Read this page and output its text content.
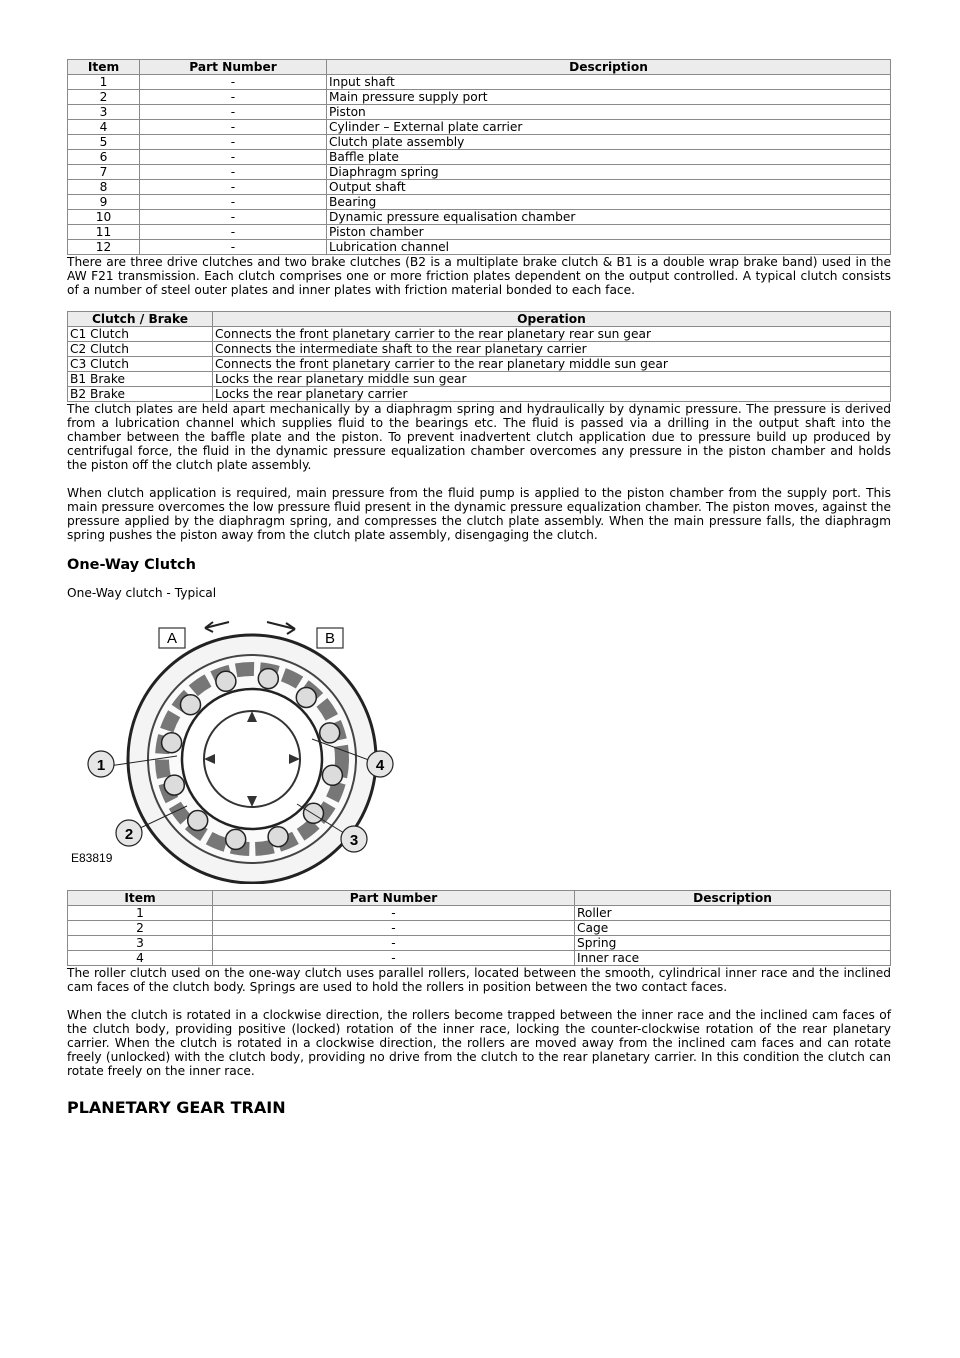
Item	Part Number	Description
1	-	Input shaft
2	-	Main pressure supply port
3	-	Piston
4	-	Cylinder – External plate carrier
5	-	Clutch plate assembly
6	-	Baffle plate
7	-	Diaphragm spring
8	-	Output shaft
9	-	Bearing
10	-	Dynamic pressure equalisation chamber
11	-	Piston chamber
12	-	Lubrication channel

There are three drive clutches and two brake clutches (B2 is a multiplate brake clutch & B1 is a double wrap brake band) used in the AW F21 transmission. Each clutch comprises one or more friction plates dependent on the output controlled. A typical clutch consists of a number of steel outer plates and inner plates with friction material bonded to each face.

Clutch / Brake	Operation
C1 Clutch	Connects the front planetary carrier to the rear planetary rear sun gear
C2 Clutch	Connects the intermediate shaft to the rear planetary carrier
C3 Clutch	Connects the front planetary carrier to the rear planetary middle sun gear
B1 Brake	Locks the rear planetary middle sun gear
B2 Brake	Locks the rear planetary carrier

The clutch plates are held apart mechanically by a diaphragm spring and hydraulically by dynamic pressure. The pressure is derived from a lubrication channel which supplies fluid to the bearings etc. The fluid is passed via a drilling in the output shaft into the chamber between the baffle plate and the piston. To prevent inadvertent clutch application due to pressure build up produced by centrifugal force, the fluid in the dynamic pressure equalization chamber overcomes any pressure in the piston chamber and holds the piston off the clutch plate assembly.

When clutch application is required, main pressure from the fluid pump is applied to the piston chamber from the supply port. This main pressure overcomes the low pressure fluid present in the dynamic pressure equalization chamber. The piston moves, against the pressure applied by the diaphragm spring, and compresses the clutch plate assembly. When the main pressure falls, the diaphragm spring pushes the piston away from the clutch plate assembly, disengaging the clutch.

One-Way Clutch

One-Way clutch - Typical

A	B
1
2	3
4
E83819
Item	Part Number	Description
1	-	Roller
2	-	Cage
3	-	Spring
4	-	Inner race

The roller clutch used on the one-way clutch uses parallel rollers, located between the smooth, cylindrical inner race and the inclined cam faces of the clutch body. Springs are used to hold the rollers in position between the two contact faces.

When the clutch is rotated in a clockwise direction, the rollers become trapped between the inner race and the inclined cam faces of the clutch body, providing positive (locked) rotation of the inner race, locking the counter-clockwise rotation of the rear planetary carrier. When the clutch is rotated in a clockwise direction, the rollers are moved away from the inclined cam faces and can rotate freely (unlocked) with the clutch body, providing no drive from the clutch to the rear planetary carrier. In this condition the clutch can rotate freely on the inner race.

PLANETARY GEAR TRAIN
